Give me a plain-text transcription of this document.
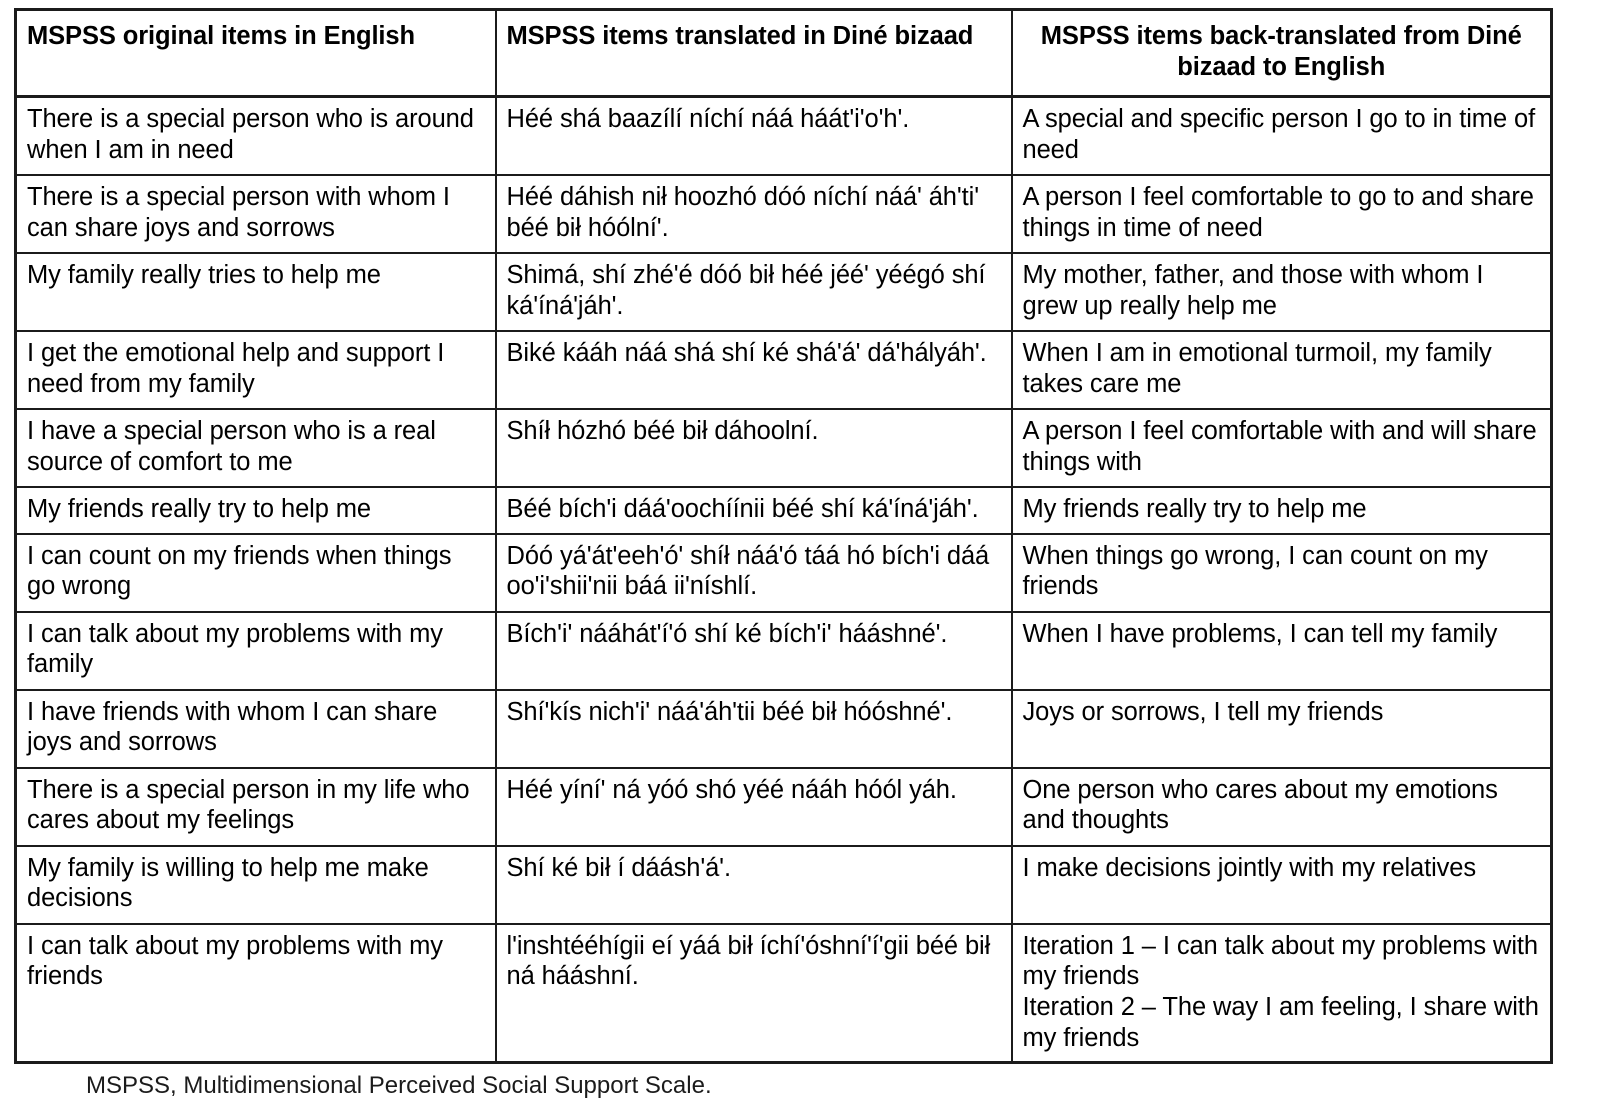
MSPSS original items in English	MSPSS items translated in Diné bizaad	MSPSS items back-translated from Diné bizaad to English
There is a special person who is around when I am in need	Héé shá baazílí níchí náá háát'i'o'h'.	A special and specific person I go to in time of need
There is a special person with whom I can share joys and sorrows	Héé dáhish nił hoozhó dóó níchí náá' áh'ti' béé bił hóólní'.	A person I feel comfortable to go to and share things in time of need
My family really tries to help me	Shimá, shí zhé'é dóó bił héé jéé' yéégó shí ká'íná'jáh'.	My mother, father, and those with whom I grew up really help me
I get the emotional help and support I need from my family	Biké kááh náá shá shí ké shá'á' dá'hályáh'.	When I am in emotional turmoil, my family takes care me
I have a special person who is a real source of comfort to me	Shíł hózhó béé bił dáhoolní.	A person I feel comfortable with and will share things with
My friends really try to help me	Béé bích'i dáá'oochíínii béé shí ká'íná'jáh'.	My friends really try to help me
I can count on my friends when things go wrong	Dóó yá'át'eeh'ó' shíł náá'ó táá hó bích'i dáá oo'i'shii'nii báá ii'níshlí.	When things go wrong, I can count on my friends
I can talk about my problems with my family	Bích'i' nááhát'í'ó shí ké bích'i' hááshné'.	When I have problems, I can tell my family
I have friends with whom I can share joys and sorrows	Shí'kís nich'i' náá'áh'tii béé bił hóóshné'.	Joys or sorrows, I tell my friends
There is a special person in my life who cares about my feelings	Héé yíní' ná yóó shó yéé nááh hóól yáh.	One person who cares about my emotions and thoughts
My family is willing to help me make decisions	Shí ké bił í dáásh'á'.	I make decisions jointly with my relatives
I can talk about my problems with my friends	l'inshtééhígii eí yáá bił íchí'óshní'í'gii béé bił ná hááshní.	Iteration 1 – I can talk about my problems with my friends
Iteration 2 – The way I am feeling, I share with my friends
MSPSS, Multidimensional Perceived Social Support Scale.
